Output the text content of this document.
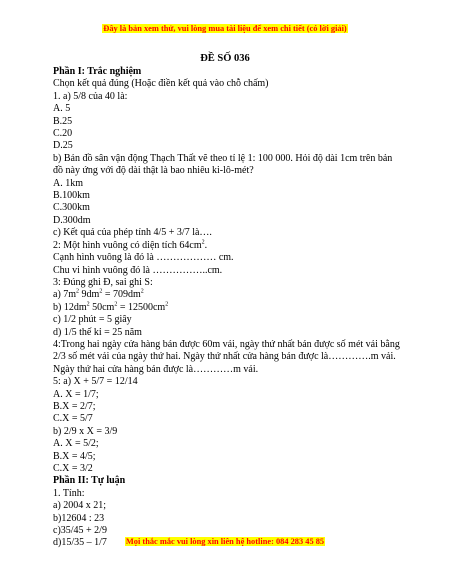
Đây là bản xem thử, vui lòng mua tài liệu để xem chi tiết (có lời giải)
ĐỀ SỐ 036
Phần I: Trắc nghiệm
Chọn kết quả đúng (Hoặc điền kết quả vào chỗ chấm)
1. a) 5/8 của 40 là:
A. 5
B.25
C.20
D.25
b) Bản đồ sân vận động Thạch Thất vẽ theo tỉ lệ 1: 100 000. Hỏi độ dài 1cm trên bản đồ này ứng với độ dài thật là bao nhiêu ki-lô-mét?
A. 1km
B.100km
C.300km
D.300dm
c) Kết quả của phép tính 4/5 + 3/7 là….
2: Một hình vuông có diện tích $64cm^2$.
Cạnh hình vuông là đó là ……………… cm.
Chu vi hình vuông đó là ……………..cm.
3: Đúng ghi Đ, sai ghi S:
a) $7m^2$ $9dm^2 = 709dm^2$
b) $12dm^2$ $50cm^2 = 12500cm^2$
c) 1/2 phút = 5 giây
d) 1/5 thế kỉ = 25 năm
4:Trong hai ngày cửa hàng bán được 60m vải, ngày thứ nhất bán được số mét vải bằng 2/3 số mét vải của ngày thứ hai. Ngày thứ nhất cửa hàng bán được là………….m vải. Ngày thứ hai cửa hàng bán được là…………m vải.
5: a) X + 5/7 = 12/14
A. X = 1/7;
B.X = 2/7;
C.X = 5/7
b) 2/9 x X = 3/9
A. X = 5/2;
B.X = 4/5;
C.X = 3/2
Phần II: Tự luận
1. Tính:
a) 2004 x 21;
b)12604 : 23
c)35/45 + 2/9
d)15/35 – 1/7	Mọi thắc mắc vui lòng xin liên hệ hotline: 084 283 45 85
